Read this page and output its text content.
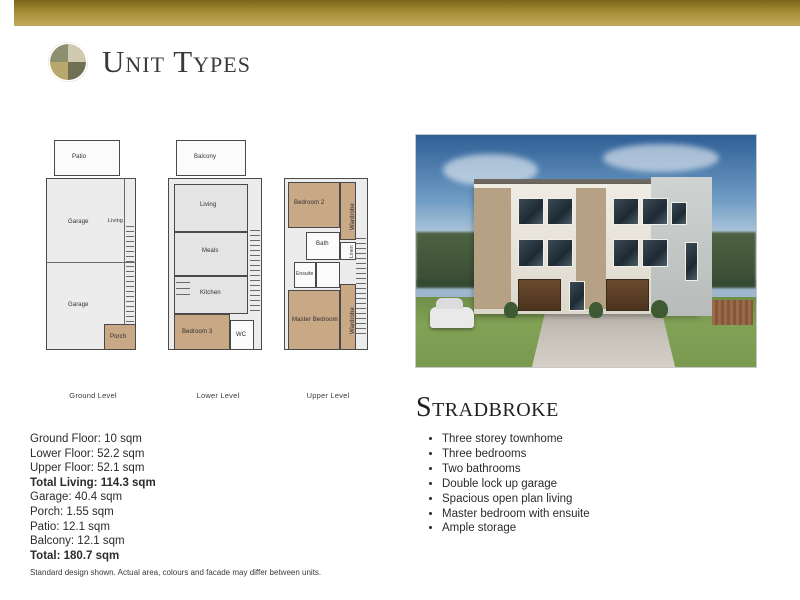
Unit Types
Patio
Garage
Garage
Living
Porch
Ground Level
Balcony
Living
Meals
Kitchen
Bedroom 3	WC
Lower Level
Bedroom 2
Bath
Ensuite
Master Bedroom
Wardrobe
Wardrobe
Linen
Upper Level	Stradbroke
• Three storey townhome
• Three bedrooms
• Two bathrooms
• Double lock up garage
• Spacious open plan living
• Master bedroom with ensuite
• Ample storage
Ground Floor: 10 sqm
Lower Floor: 52.2 sqm
Upper Floor: 52.1 sqm
Total Living: 114.3 sqm
Garage: 40.4 sqm
Porch: 1.55 sqm
Patio: 12.1 sqm
Balcony: 12.1 sqm
Total: 180.7 sqm
Standard design shown. Actual area, colours and facade may differ between units.
